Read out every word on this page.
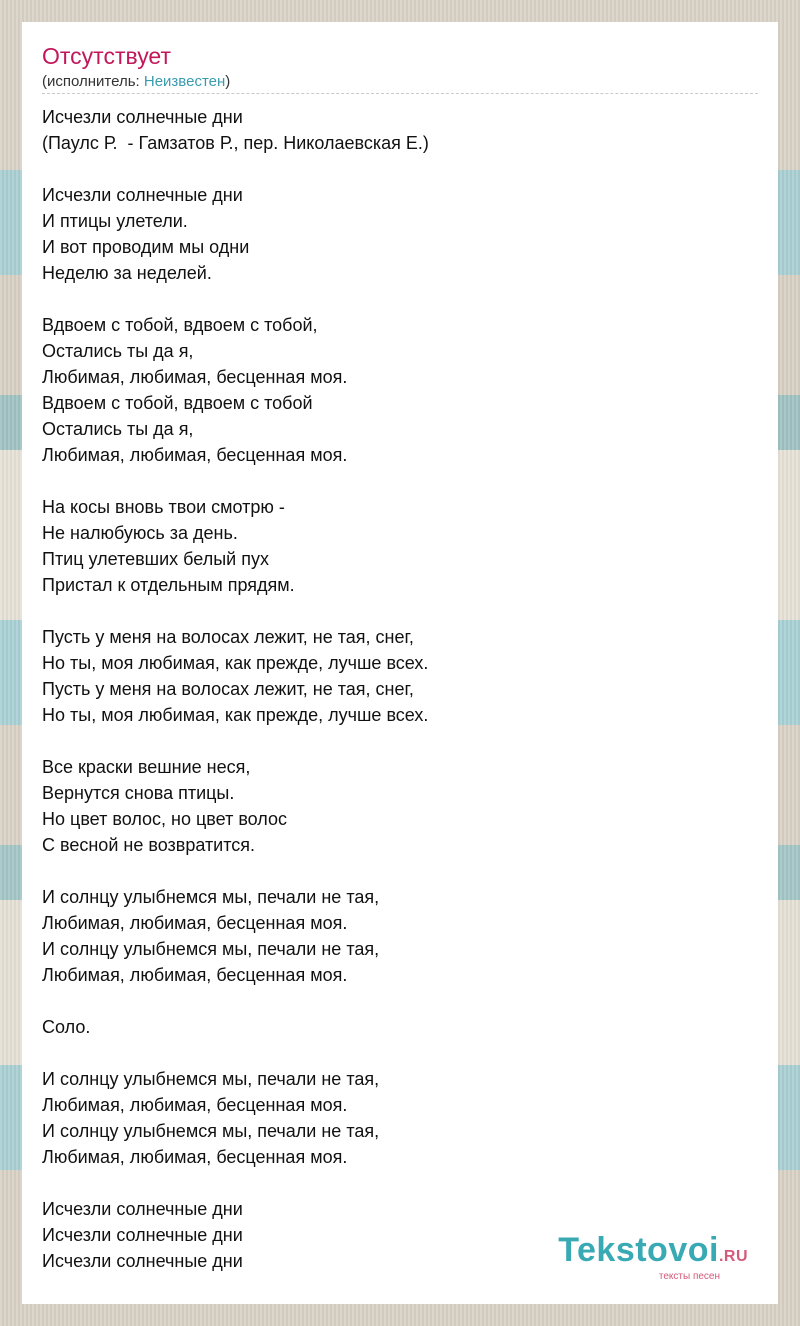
Отсутствует
(исполнитель: Неизвестен)
Исчезли солнечные дни
(Паулс Р.  - Гамзатов Р., пер. Николаевская Е.)
Исчезли солнечные дни
И птицы улетели.
И вот проводим мы одни
Неделю за неделей.
Вдвоем с тобой, вдвоем с тобой,
Остались ты да я,
Любимая, любимая, бесценная моя.
Вдвоем с тобой, вдвоем с тобой
Остались ты да я,
Любимая, любимая, бесценная моя.
На косы вновь твои смотрю -
Не налюбуюсь за день.
Птиц улетевших белый пух
Пристал к отдельным прядям.
Пусть у меня на волосах лежит, не тая, снег,
Но ты, моя любимая, как прежде, лучше всех.
Пусть у меня на волосах лежит, не тая, снег,
Но ты, моя любимая, как прежде, лучше всех.
Все краски вешние неся,
Вернутся снова птицы.
Но цвет волос, но цвет волос
С весной не возвратится.
И солнцу улыбнемся мы, печали не тая,
Любимая, любимая, бесценная моя.
И солнцу улыбнемся мы, печали не тая,
Любимая, любимая, бесценная моя.
Соло.
И солнцу улыбнемся мы, печали не тая,
Любимая, любимая, бесценная моя.
И солнцу улыбнемся мы, печали не тая,
Любимая, любимая, бесценная моя.
Исчезли солнечные дни
Исчезли солнечные дни
Исчезли солнечные дни	Tekstovoi.RU
тексты песен
